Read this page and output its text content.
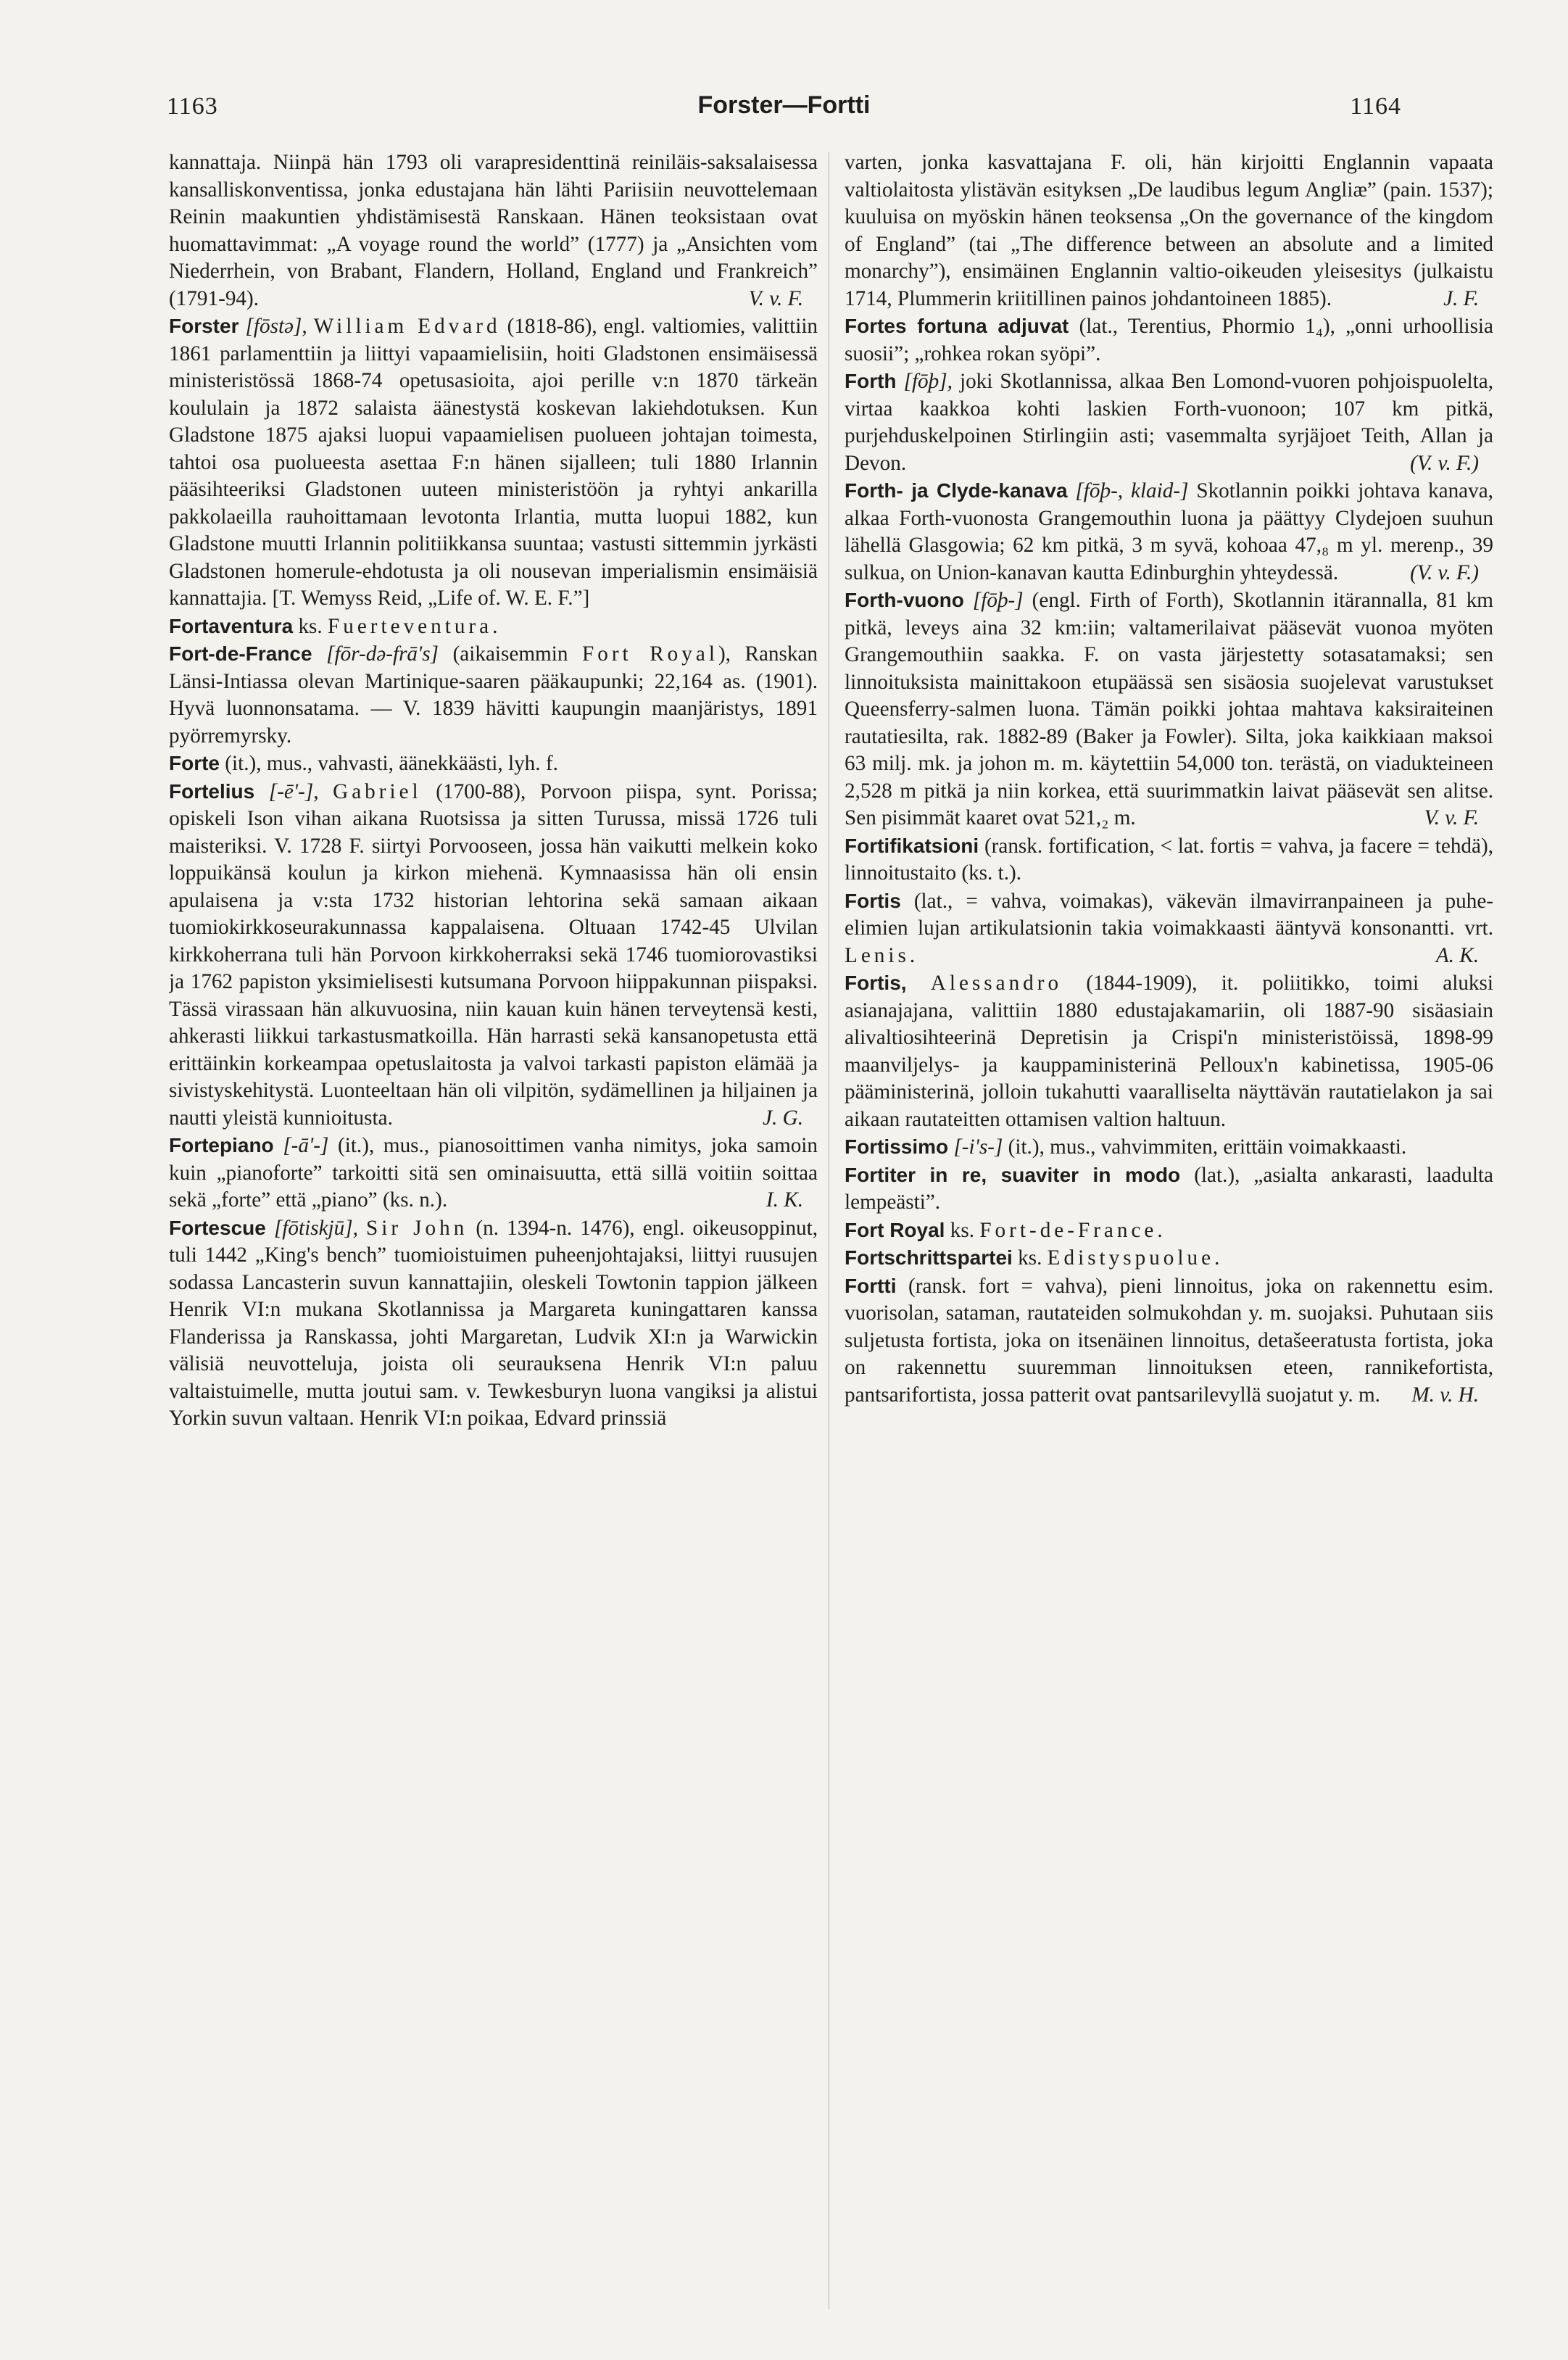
1163	Forster—Fortti	1164

kannattaja. Niinpä hän 1793 oli varapresidenttinä reiniläis-saksalaisessa kansalliskonventissa, jonka edustajana hän lähti Pariisiin neuvottelemaan Reinin maakuntien yhdistämisestä Ranskaan. Hänen teoksistaan ovat huomattavimmat: „A voyage round the world” (1777) ja „Ansichten vom Niederrhein, von Brabant, Flandern, Holland, England und Frankreich” (1791-94).	V. v. F.

Forster [fōstə], William Edvard (1818-86), engl. valtiomies, valittiin 1861 parlamenttiin ja liittyi vapaamielisiin, hoiti Gladstonen ensimäisessä ministeristössä 1868-74 opetusasioita, ajoi perille v:n 1870 tärkeän koululain ja 1872 salaista äänestystä koskevan lakiehdotuksen. Kun Gladstone 1875 ajaksi luopui vapaamielisen puolueen johtajan toimesta, tahtoi osa puolueesta asettaa F:n hänen sijalleen; tuli 1880 Irlannin pääsihteeriksi Gladstonen uuteen ministeristöön ja ryhtyi ankarilla pakkolaeilla rauhoittamaan levotonta Irlantia, mutta luopui 1882, kun Gladstone muutti Irlannin politiikkansa suuntaa; vastusti sittemmin jyrkästi Gladstonen homerule-ehdotusta ja oli nousevan imperialismin ensimäisiä kannattajia. [T. Wemyss Reid, „Life of. W. E. F.”]

Fortaventura ks. Fuerteventura.

Fort-de-France [fōr-də-frā's] (aikaisemmin Fort Royal), Ranskan Länsi-Intiassa olevan Martinique-saaren pääkaupunki; 22,164 as. (1901). Hyvä luonnonsatama. — V. 1839 hävitti kaupungin maanjäristys, 1891 pyörremyrsky.

Forte (it.), mus., vahvasti, äänekkäästi, lyh. f.

Fortelius [-ē'-], Gabriel (1700-88), Porvoon piispa, synt. Porissa; opiskeli Ison vihan aikana Ruotsissa ja sitten Turussa, missä 1726 tuli maisteriksi. V. 1728 F. siirtyi Porvooseen, jossa hän vaikutti melkein koko loppuikänsä koulun ja kirkon miehenä. Kymnaasissa hän oli ensin apulaisena ja v:sta 1732 historian lehtorina sekä samaan aikaan tuomiokirkkoseurakunnassa kappalaisena. Oltuaan 1742-45 Ulvilan kirkkoherrana tuli hän Porvoon kirkkoherraksi sekä 1746 tuomiorovastiksi ja 1762 papiston yksimielisesti kutsumana Porvoon hiippakunnan piispaksi. Tässä virassaan hän alkuvuosina, niin kauan kuin hänen terveytensä kesti, ahkerasti liikkui tarkastusmatkoilla. Hän harrasti sekä kansanopetusta että erittäinkin korkeampaa opetuslaitosta ja valvoi tarkasti papiston elämää ja sivistyskehitystä. Luonteeltaan hän oli vilpitön, sydämellinen ja hiljainen ja nautti yleistä kunnioitusta.	J. G.

Fortepiano [-ā'-] (it.), mus., pianosoittimen vanha nimitys, joka samoin kuin „pianoforte” tarkoitti sitä sen ominaisuutta, että sillä voitiin soittaa sekä „forte” että „piano” (ks. n.).	I. K.

Fortescue [fōtiskjū], Sir John (n. 1394-n. 1476), engl. oikeusoppinut, tuli 1442 „King's bench” tuomioistuimen puheenjohtajaksi, liittyi ruusujen sodassa Lancasterin suvun kannattajiin, oleskeli Towtonin tappion jälkeen Henrik VI:n mukana Skotlannissa ja Margareta kuningattaren kanssa Flanderissa ja Ranskassa, johti Margaretan, Ludvik XI:n ja Warwickin välisiä neuvotteluja, joista oli seurauksena Henrik VI:n paluu valtaistuimelle, mutta joutui sam. v. Tewkesburyn luona vangiksi ja alistui Yorkin suvun valtaan. Henrik VI:n poikaa, Edvard prinssiä

varten, jonka kasvattajana F. oli, hän kirjoitti Englannin vapaata valtiolaitosta ylistävän esityksen „De laudibus legum Angliæ” (pain. 1537); kuuluisa on myöskin hänen teoksensa „On the governance of the kingdom of England” (tai „The difference between an absolute and a limited monarchy”), ensimäinen Englannin valtio-oikeuden yleisesitys (julkaistu 1714, Plummerin kriitillinen painos johdantoineen 1885).	J. F.

Fortes fortuna adjuvat (lat., Terentius, Phormio 1₄), „onni urhoollisia suosii”; „rohkea rokan syöpi”.

Forth [fōþ], joki Skotlannissa, alkaa Ben Lomond-vuoren pohjoispuolelta, virtaa kaakkoa kohti laskien Forth-vuonoon; 107 km pitkä, purjehduskelpoinen Stirlingiin asti; vasemmalta syrjäjoet Teith, Allan ja Devon.	(V. v. F.)

Forth- ja Clyde-kanava [fōþ-, klaid-] Skotlannin poikki johtava kanava, alkaa Forth-vuonosta Grangemouthin luona ja päättyy Clydejoen suuhun lähellä Glasgowia; 62 km pitkä, 3 m syvä, kohoaa 47,₈ m yl. merenp., 39 sulkua, on Union-kanavan kautta Edinburghin yhteydessä.	(V. v. F.)

Forth-vuono [fōþ-] (engl. Firth of Forth), Skotlannin itärannalla, 81 km pitkä, leveys aina 32 km:iin; valtamerilaivat pääsevät vuonoa myöten Grangemouthiin saakka. F. on vasta järjestetty sotasatamaksi; sen linnoituksista mainittakoon etupäässä sen sisäosia suojelevat varustukset Queensferry-salmen luona. Tämän poikki johtaa mahtava kaksiraiteinen rautatiesilta, rak. 1882-89 (Baker ja Fowler). Silta, joka kaikkiaan maksoi 63 milj. mk. ja johon m. m. käytettiin 54,000 ton. terästä, on viadukteineen 2,528 m pitkä ja niin korkea, että suurimmatkin laivat pääsevät sen alitse. Sen pisimmät kaaret ovat 521,₂ m.	V. v. F.

Fortifikatsioni (ransk. fortification, < lat. fortis = vahva, ja facere = tehdä), linnoitustaito (ks. t.).

Fortis (lat., = vahva, voimakas), väkevän ilmavirranpaineen ja puhe-elimien lujan artikulatsionin takia voimakkaasti ääntyvä konsonantti. vrt. Lenis.	A. K.

Fortis, Alessandro (1844-1909), it. poliitikko, toimi aluksi asianajajana, valittiin 1880 edustajakamariin, oli 1887-90 sisäasiain alivaltiosihteerinä Depretisin ja Crispi'n ministeristöissä, 1898-99 maanviljelys- ja kauppaministerinä Pelloux'n kabinetissa, 1905-06 pääministerinä, jolloin tukahutti vaaralliselta näyttävän rautatielakon ja sai aikaan rautateitten ottamisen valtion haltuun.

Fortissimo [-i's-] (it.), mus., vahvimmiten, erittäin voimakkaasti.

Fortiter in re, suaviter in modo (lat.), „asialta ankarasti, laadulta lempeästi”.

Fort Royal ks. Fort-de-France.

Fortschrittspartei ks. Edistyspuolue.

Fortti (ransk. fort = vahva), pieni linnoitus, joka on rakennettu esim. vuorisolan, sataman, rautateiden solmukohdan y. m. suojaksi. Puhutaan siis suljetusta fortista, joka on itsenäinen linnoitus, detašeeratusta fortista, joka on rakennettu suuremman linnoituksen eteen, rannikefortista, pantsarifortista, jossa patterit ovat pantsarilevyllä suojatut y. m. M. v. H.
